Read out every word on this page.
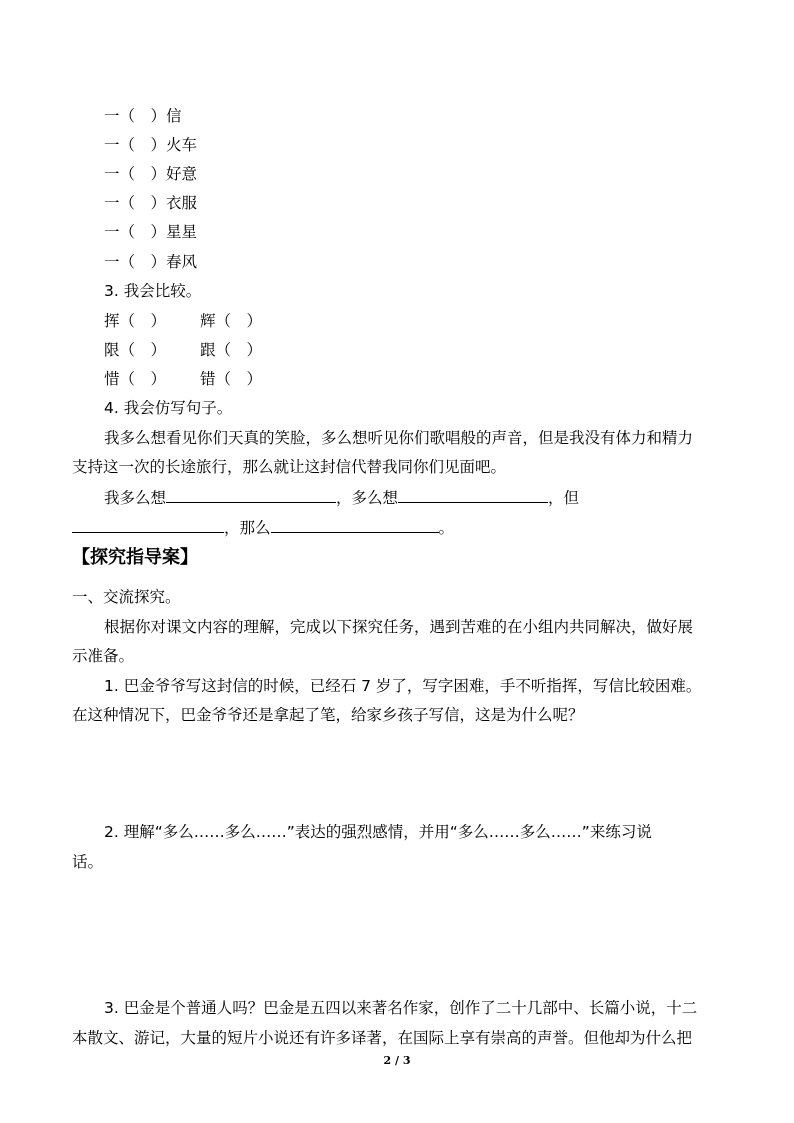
一（　）信
一（　）火车
一（　）好意
一（　）衣服
一（　）星星
一（　）春风
3. 我会比较。
挥（　） 辉（　）
限（　） 跟（　）
惜（　） 错（　）
4. 我会仿写句子。
我多么想看见你们天真的笑脸，多么想听见你们歌唱般的声音，但是我没有体力和精力
支持这一次的长途旅行，那么就让这封信代替我同你们见面吧。
我多么想	，多么想	，但
，那么	。
【探究指导案】
一、交流探究。
根据你对课文内容的理解，完成以下探究任务，遇到苦难的在小组内共同解决，做好展
示准备。
1. 巴金爷爷写这封信的时候，已经石 7 岁了，写字困难，手不听指挥，写信比较困难。
在这种情况下，巴金爷爷还是拿起了笔，给家乡孩子写信，这是为什么呢？
2. 理解“多么……多么……”表达的强烈感情，并用“多么……多么……”来练习说
话。
3. 巴金是个普通人吗？巴金是五四以来著名作家，创作了二十几部中、长篇小说，十二
本散文、游记，大量的短片小说还有许多译著，在国际上享有崇高的声誉。但他却为什么把
2 / 3
